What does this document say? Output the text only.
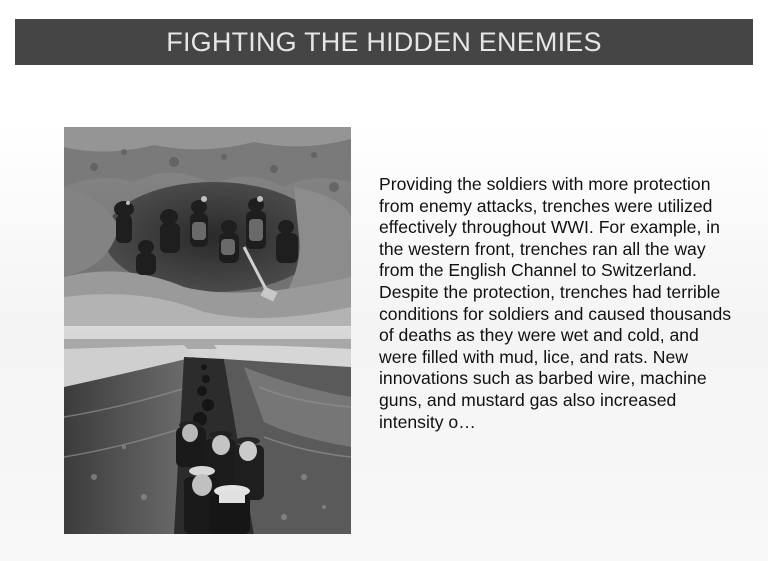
FIGHTING THE HIDDEN ENEMIES

Providing the soldiers with more protection from enemy attacks, trenches were utilized effectively throughout WWI. For example, in the western front, trenches ran all the way from the English Channel to Switzerland. Despite the protection, trenches had terrible conditions for soldiers and caused thousands of deaths as they were wet and cold, and were filled with mud, lice, and rats. New innovations such as barbed wire, machine guns, and mustard gas also increased intensity o…
